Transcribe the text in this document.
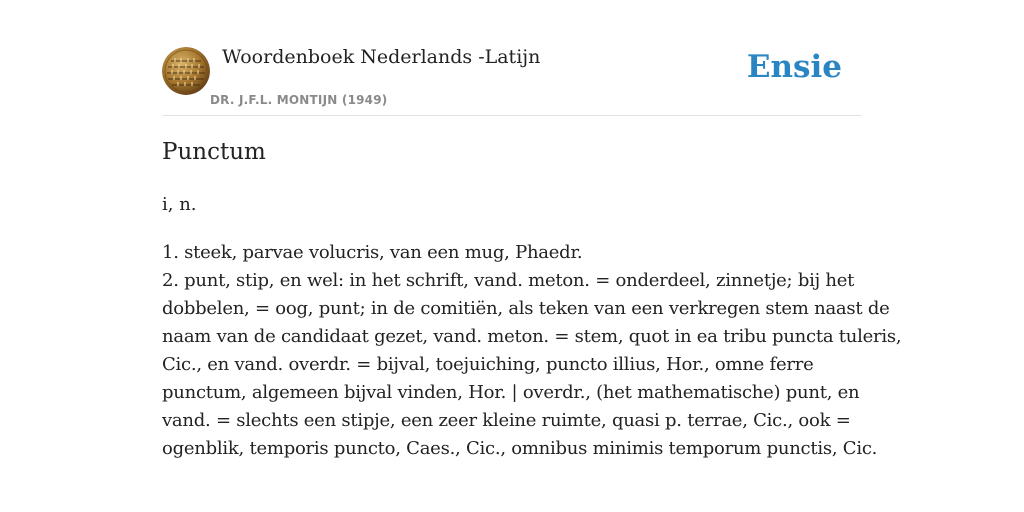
Woordenboek Nederlands -Latijn
DR. J.F.L. MONTIJN (1949)
Ensie
Punctum
i, n.
1. steek, parvae volucris, van een mug, Phaedr.
2. punt, stip, en wel: in het schrift, vand. meton. = onderdeel, zinnetje; bij het
dobbelen, = oog, punt; in de comitiën, als teken van een verkregen stem naast de
naam van de candidaat gezet, vand. meton. = stem, quot in ea tribu puncta tuleris,
Cic., en vand. overdr. = bijval, toejuiching, puncto illius, Hor., omne ferre
punctum, algemeen bijval vinden, Hor. | overdr., (het mathematische) punt, en
vand. = slechts een stipje, een zeer kleine ruimte, quasi p. terrae, Cic., ook =
ogenblik, temporis puncto, Caes., Cic., omnibus minimis temporum punctis, Cic.
